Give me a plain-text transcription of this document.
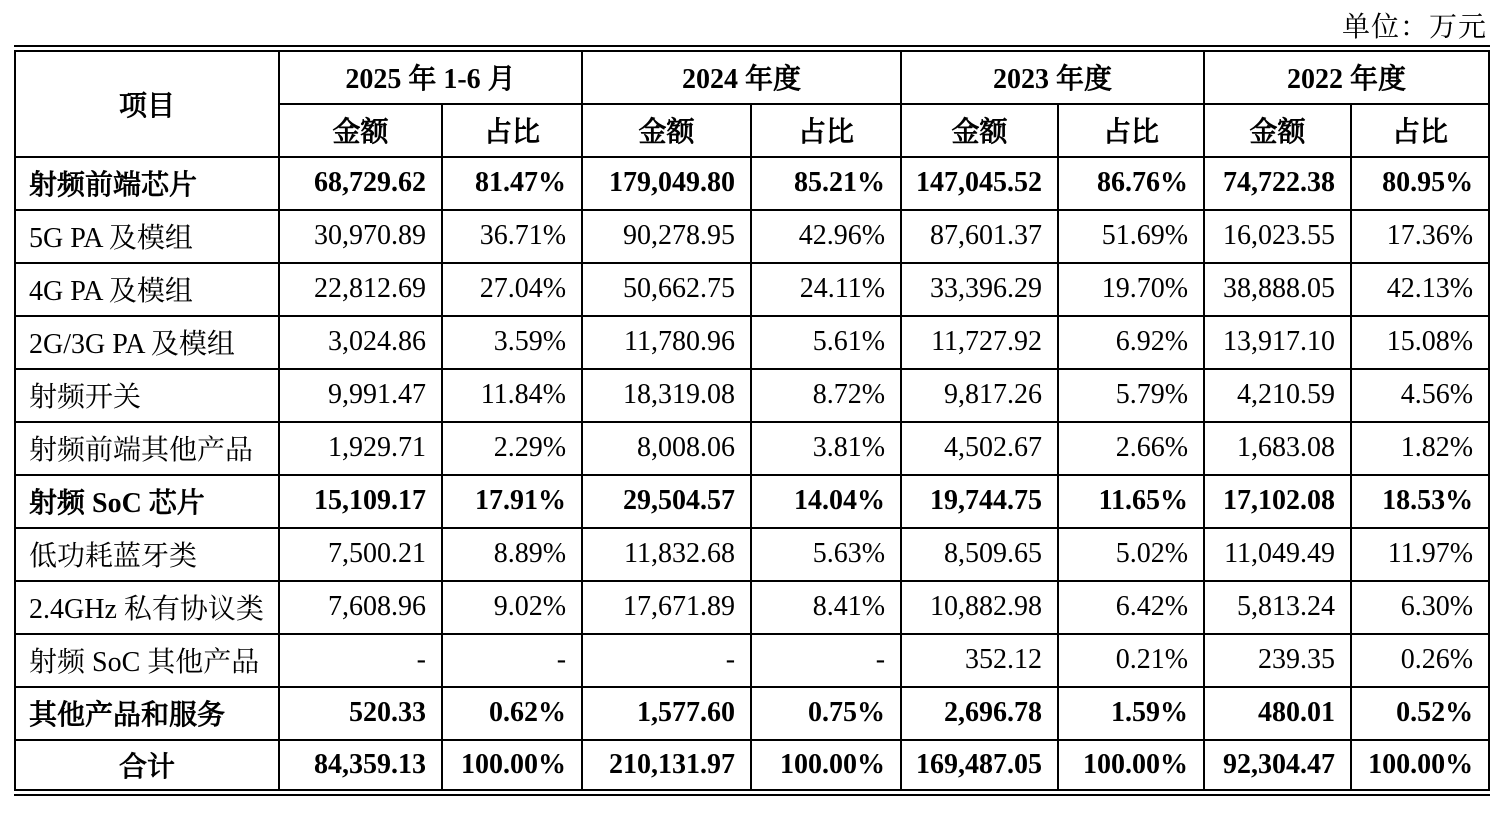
单位：万元
项目	2025 年 1-6 月		2024 年度		2023 年度		2022 年度	
	金额	占比	金额	占比	金额	占比	金额	占比
射频前端芯片	68,729.62	81.47%	179,049.80	85.21%	147,045.52	86.76%	74,722.38	80.95%
5G PA 及模组	30,970.89	36.71%	90,278.95	42.96%	87,601.37	51.69%	16,023.55	17.36%
4G PA 及模组	22,812.69	27.04%	50,662.75	24.11%	33,396.29	19.70%	38,888.05	42.13%
2G/3G PA 及模组	3,024.86	3.59%	11,780.96	5.61%	11,727.92	6.92%	13,917.10	15.08%
射频开关	9,991.47	11.84%	18,319.08	8.72%	9,817.26	5.79%	4,210.59	4.56%
射频前端其他产品	1,929.71	2.29%	8,008.06	3.81%	4,502.67	2.66%	1,683.08	1.82%
射频 SoC 芯片	15,109.17	17.91%	29,504.57	14.04%	19,744.75	11.65%	17,102.08	18.53%
低功耗蓝牙类	7,500.21	8.89%	11,832.68	5.63%	8,509.65	5.02%	11,049.49	11.97%
2.4GHz 私有协议类	7,608.96	9.02%	17,671.89	8.41%	10,882.98	6.42%	5,813.24	6.30%
射频 SoC 其他产品	-	-	-	-	352.12	0.21%	239.35	0.26%
其他产品和服务	520.33	0.62%	1,577.60	0.75%	2,696.78	1.59%	480.01	0.52%
合计	84,359.13	100.00%	210,131.97	100.00%	169,487.05	100.00%	92,304.47	100.00%
